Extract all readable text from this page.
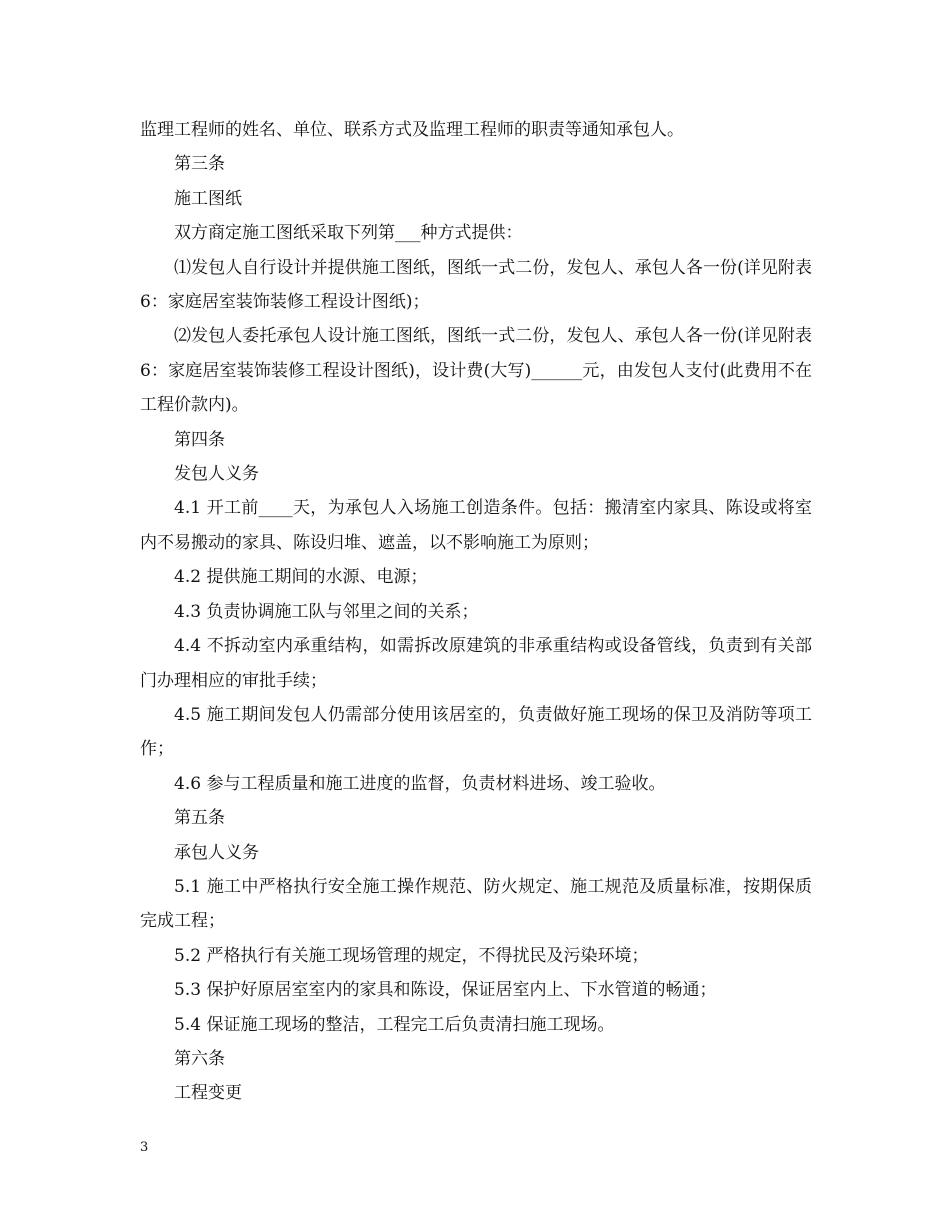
监理工程师的姓名、单位、联系方式及监理工程师的职责等通知承包人。

第三条

施工图纸

双方商定施工图纸采取下列第___种方式提供：

⑴发包人自行设计并提供施工图纸，图纸一式二份，发包人、承包人各一份(详见附表6：家庭居室装饰装修工程设计图纸)；

⑵发包人委托承包人设计施工图纸，图纸一式二份，发包人、承包人各一份(详见附表6：家庭居室装饰装修工程设计图纸)，设计费(大写)______元，由发包人支付(此费用不在工程价款内)。

第四条

发包人义务

4.1 开工前____天，为承包人入场施工创造条件。包括：搬清室内家具、陈设或将室内不易搬动的家具、陈设归堆、遮盖，以不影响施工为原则；

4.2 提供施工期间的水源、电源；

4.3 负责协调施工队与邻里之间的关系；

4.4 不拆动室内承重结构，如需拆改原建筑的非承重结构或设备管线，负责到有关部门办理相应的审批手续；

4.5 施工期间发包人仍需部分使用该居室的，负责做好施工现场的保卫及消防等项工作；

4.6 参与工程质量和施工进度的监督，负责材料进场、竣工验收。

第五条

承包人义务

5.1 施工中严格执行安全施工操作规范、防火规定、施工规范及质量标准，按期保质完成工程；

5.2 严格执行有关施工现场管理的规定，不得扰民及污染环境；

5.3 保护好原居室室内的家具和陈设，保证居室内上、下水管道的畅通；

5.4 保证施工现场的整洁，工程完工后负责清扫施工现场。

第六条

工程变更

3
